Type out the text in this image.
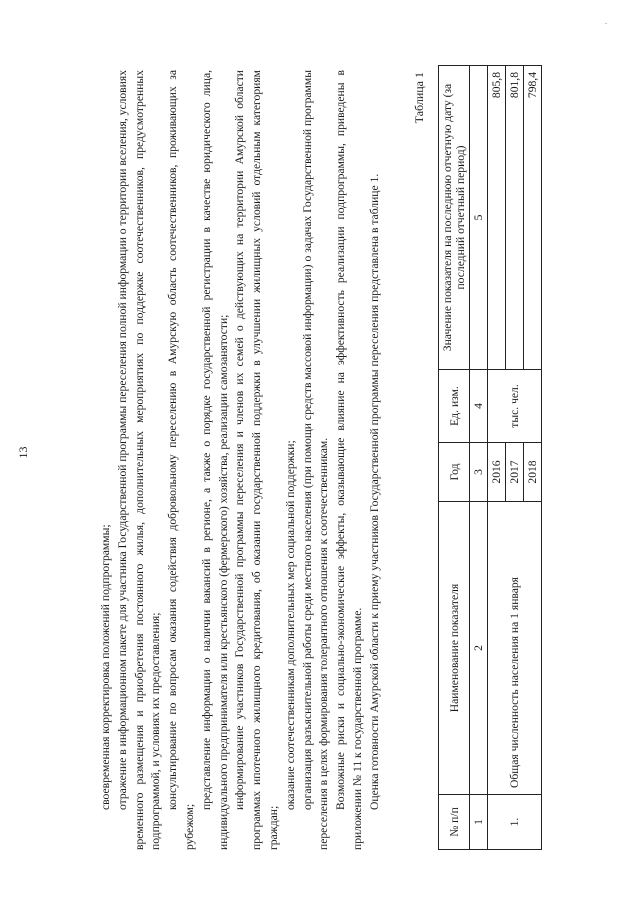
13

своевременная корректировка положений подпрограммы; отражение в информационном пакете для участника Государственной программы переселения полной информации о территории вселения, условиях временного размещения и приобретения постоянного жилья, дополнительных мероприятиях по поддержке соотечественников, предусмотренных подпрограммой, и условиях их предоставления; консультирование по вопросам оказания содействия добровольному переселению в Амурскую область соотечественников, проживающих за рубежом;

представление информации о наличии вакансий в регионе, а также о порядке государственной регистрации в качестве юридического лица, индивидуального предпринимателя или крестьянского (фермерского) хозяйства, реализации самозанятости; информирование участников Государственной программы переселения и членов их семей о действующих на территории Амурской области программах ипотечного жилищного кредитования, об оказании государственной поддержки в улучшении жилищных условий отдельным категориям граждан;

оказание соотечественникам дополнительных мер социальной поддержки; организация разъяснительной работы среди местного населения (при помощи средств массовой информации) о задачах Государственной программы переселения в целях формирования толерантного отношения к соотечественникам. Возможные риски и социально-экономические эффекты, оказывающие влияние на эффективность реализации подпрограммы, приведены в приложении № 11 к государственной программе. Оценка готовности Амурской области к приему участников Государственной программы переселения представлена в таблице 1.

Таблица 1
№ п/п	Наименование показателя	Год	Ед. изм.	Значение показателя на последнюю отчетную дату (за последний отчетный период)
1	2	3	4	5
1.	Общая численность населения на 1 января	2016	тыс. чел.	805,8
		2017		801,8
		2018		798,4
·
